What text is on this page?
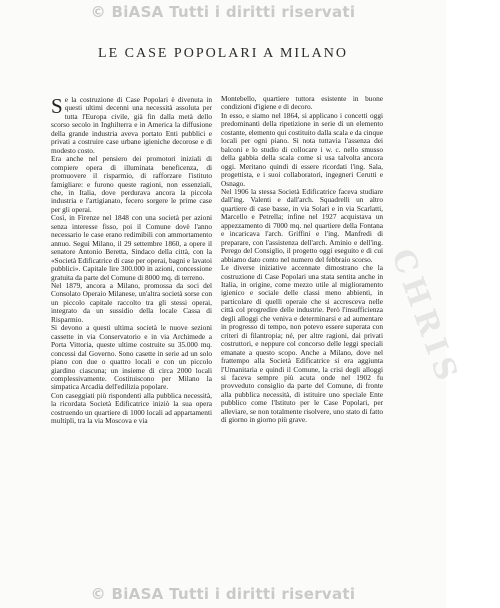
© BiASA Tutti i diritti riservati
CHRIS
LE CASE POPOLARI A MILANO
S e la costruzione di Case Popolari è divenuta in questi ultimi decenni una necessità assoluta per tutta l'Europa civile, già fin dalla metà dello scorso secolo in Inghilterra e in America la diffusione della grande industria aveva portato Enti pubblici e privati a costruire case urbane igieniche decorose e di modesto costo.

Era anche nel pensiero dei promotori iniziali di compiere opera di illuminata beneficenza, di promuovere il risparmio, di rafforzare l'istituto famigliare: e furono queste ragioni, non essenziali, che, in Italia, dove perdurava ancora la piccola industria e l'artigianato, fecero sorgere le prime case per gli operai.

Così, in Firenze nel 1848 con una società per azioni senza interesse fisso, poi il Comune dovè l'anno necessario le case erano redimibili con ammortamento annuo. Seguì Milano, il 29 settembre 1860, a opere il senatore Antonio Beretta, Sindaco della città, con la «Società Edificatrice di case per operai, bagni e lavatoi pubblici». Capitale lire 300.000 in azioni, concessione gratuita da parte del Comune di 8000 mq. di terreno.

Nel 1879, ancora a Milano, promossa da soci del Consolato Operaio Milanese, un'altra società sorse con un piccolo capitale raccolto tra gli stessi operai, integrato da un sussidio della locale Cassa di Risparmio.

Si devono a questi ultima società le nuove sezioni cassette in via Conservatorio e in via Archimede a Porta Vittoria, queste ultime costruite su 35.000 mq. concessi dal Governo. Sono casette in serie ad un solo piano con due o quattro locali e con un piccolo giardino ciascuna; un insieme di circa 2000 locali complessivamente. Costituiscono per Milano la simpatica Arcadia dell'edilizia popolare.

Con caseggiati più rispondenti alla pubblica necessità, la ricordata Società Edificatrice iniziò la sua opera costruendo un quartiere di 1000 locali ad appartamenti multipli, tra la via Moscova e via

Montebello, quartiere tuttora esistente in buone condizioni d'igiene e di decoro.

In esso, e siamo nel 1864, si applicano i concetti oggi predominanti della ripetizione in serie di un elemento costante, elemento qui costituito dalla scala e da cinque locali per ogni piano. Si nota tuttavia l'assenza dei balconi e lo studio di collocare i w. c. nello smusso della gabbia della scala come si usa talvolta ancora oggi. Meritano quindi di essere ricordati l'ing. Sala, progettista, e i suoi collaboratori, ingegneri Cerutti e Osnago.

Nel 1906 la stessa Società Edificatrice faceva studiare dall'ing. Valenti e dall'arch. Squadrelli un altro quartiere di case basse, in via Solari e in via Scarlatti, Marcello e Petrella; infine nel 1927 acquistava un appezzamento di 7000 mq. nel quartiere della Fontana e incaricava l'arch. Griffini e l'ing. Manfredi di preparare, con l'assistenza dell'arch. Aminio e dell'ing. Perego del Consiglio, il progetto oggi eseguito e di cui abbiamo dato conto nel numero del febbraio scorso.

Le diverse iniziative accennate dimostrano che la costruzione di Case Popolari una stata sentita anche in Italia, in origine, come mezzo utile al miglioramento igienico e sociale delle classi meno abbienti, in particolare di quelli operaie che si accresceva nelle città col progredire delle industrie. Però l'insufficienza degli alloggi che veniva e determinarsi e ad aumentare in progresso di tempo, non potevo essere superata con criteri di filantropia; né, per altre ragioni, dai privati costruttori, e neppure col concorso delle leggi speciali emanate a questo scopo. Anche a Milano, dove nel frattempo alla Società Edificatrice si era aggiunta l'Umanitaria e quindi il Comune, la crisi degli alloggi si faceva sempre più acuta onde nel 1902 fu provveduto consiglio da parte del Comune, di fronte alla pubblica necessità, di istituire uno speciale Ente pubblico come l'Istituto per le Case Popolari, per alleviare, se non totalmente risolvere, uno stato di fatto di giorno in giorno più grave.

© BiASA Tutti i diritti riservati
